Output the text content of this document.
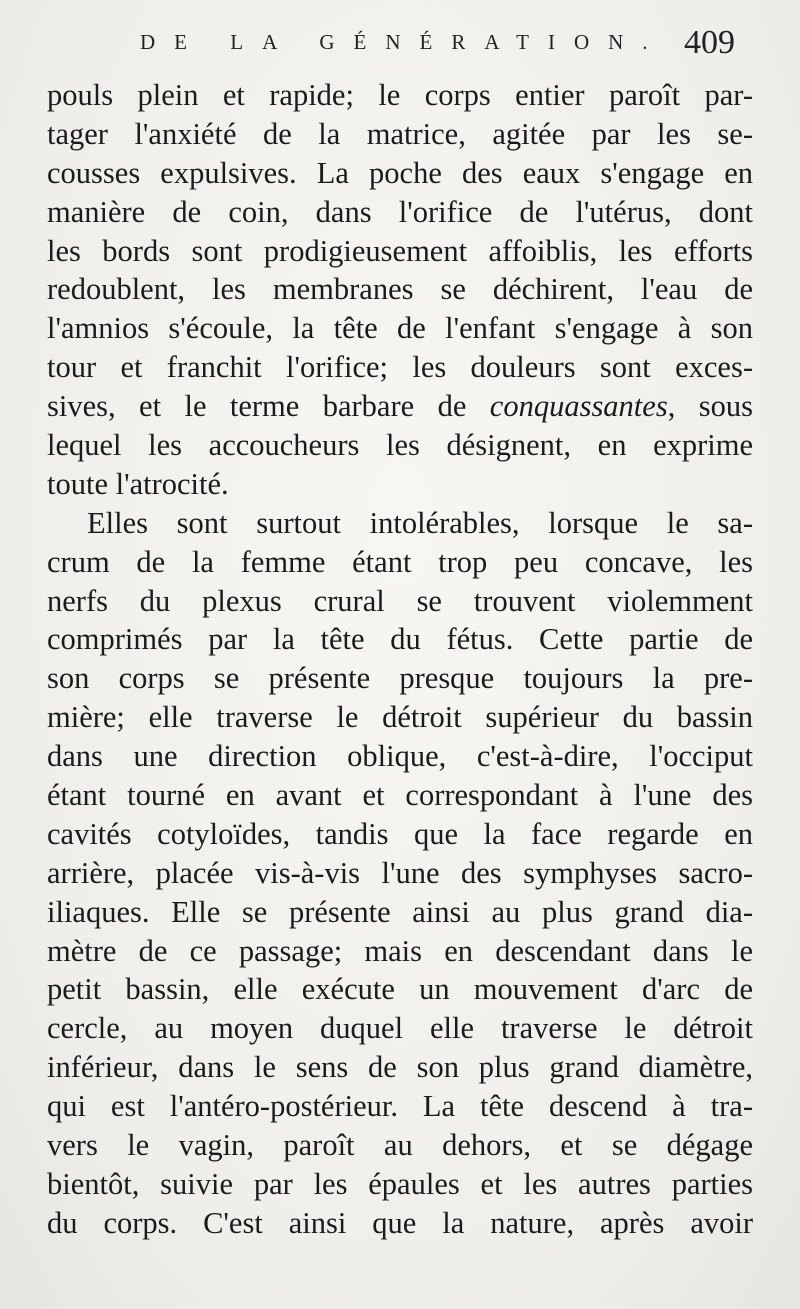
DE LA GÉNÉRATION. 409
pouls plein et rapide; le corps entier paroît par-
tager l'anxiété de la matrice, agitée par les se-
cousses expulsives. La poche des eaux s'engage en
manière de coin, dans l'orifice de l'utérus, dont
les bords sont prodigieusement affoiblis, les efforts
redoublent, les membranes se déchirent, l'eau de
l'amnios s'écoule, la tête de l'enfant s'engage à son
tour et franchit l'orifice; les douleurs sont exces-
sives, et le terme barbare de conquassantes, sous
lequel les accoucheurs les désignent, en exprime
toute l'atrocité.
Elles sont surtout intolérables, lorsque le sa-
crum de la femme étant trop peu concave, les
nerfs du plexus crural se trouvent violemment
comprimés par la tête du fétus. Cette partie de
son corps se présente presque toujours la pre-
mière; elle traverse le détroit supérieur du bassin
dans une direction oblique, c'est-à-dire, l'occiput
étant tourné en avant et correspondant à l'une des
cavités cotyloïdes, tandis que la face regarde en
arrière, placée vis-à-vis l'une des symphyses sacro-
iliaques. Elle se présente ainsi au plus grand dia-
mètre de ce passage; mais en descendant dans le
petit bassin, elle exécute un mouvement d'arc de
cercle, au moyen duquel elle traverse le détroit
inférieur, dans le sens de son plus grand diamètre,
qui est l'antéro-postérieur. La tête descend à tra-
vers le vagin, paroît au dehors, et se dégage
bientôt, suivie par les épaules et les autres parties
du corps. C'est ainsi que la nature, après avoir
